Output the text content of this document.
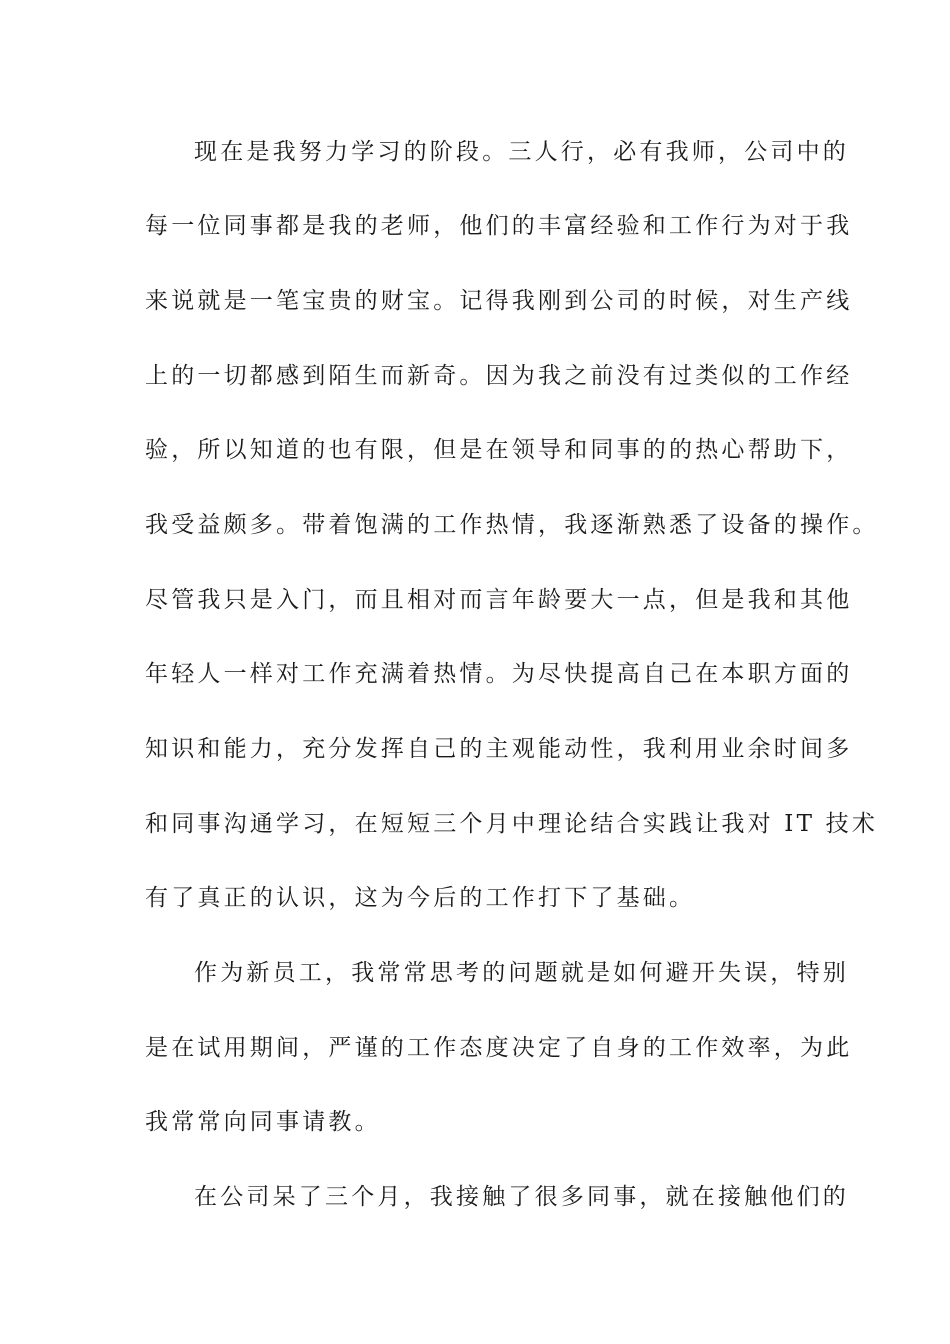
现在是我努力学习的阶段。三人行，必有我师，公司中的
每一位同事都是我的老师，他们的丰富经验和工作行为对于我
来说就是一笔宝贵的财宝。记得我刚到公司的时候，对生产线
上的一切都感到陌生而新奇。因为我之前没有过类似的工作经
验，所以知道的也有限，但是在领导和同事的的热心帮助下，
我受益颇多。带着饱满的工作热情，我逐渐熟悉了设备的操作。
尽管我只是入门，而且相对而言年龄要大一点，但是我和其他
年轻人一样对工作充满着热情。为尽快提高自己在本职方面的
知识和能力，充分发挥自己的主观能动性，我利用业余时间多
和同事沟通学习，在短短三个月中理论结合实践让我对 IT 技术
有了真正的认识，这为今后的工作打下了基础。
作为新员工，我常常思考的问题就是如何避开失误，特别
是在试用期间，严谨的工作态度决定了自身的工作效率，为此
我常常向同事请教。
在公司呆了三个月，我接触了很多同事，就在接触他们的
